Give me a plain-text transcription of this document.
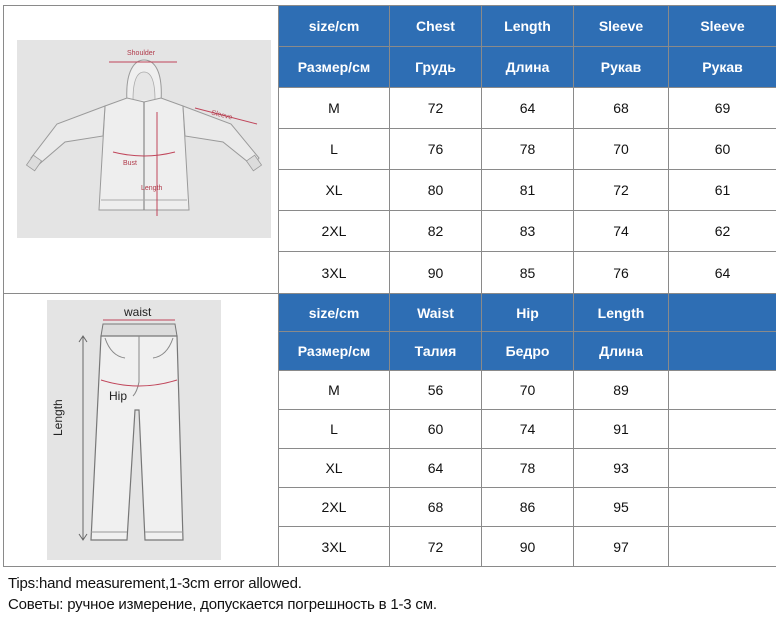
Shoulder
Sleeve
Bust
Length
waist
Hip
Length
size/cm	Chest	Length	Sleeve	Sleeve
Размер/см	Грудь	Длина	Рукав	Рукав
M	72	64	68	69
L	76	78	70	60
XL	80	81	72	61
2XL	82	83	74	62
3XL	90	85	76	64
size/cm	Waist	Hip	Length	
Размер/см	Талия	Бедро	Длина	
M	56	70	89	
L	60	74	91	
XL	64	78	93	
2XL	68	86	95	
3XL	72	90	97	
Tips:hand measurement,1-3cm error allowed.
Советы: ручное измерение, допускается погрешность в 1-3 см.
